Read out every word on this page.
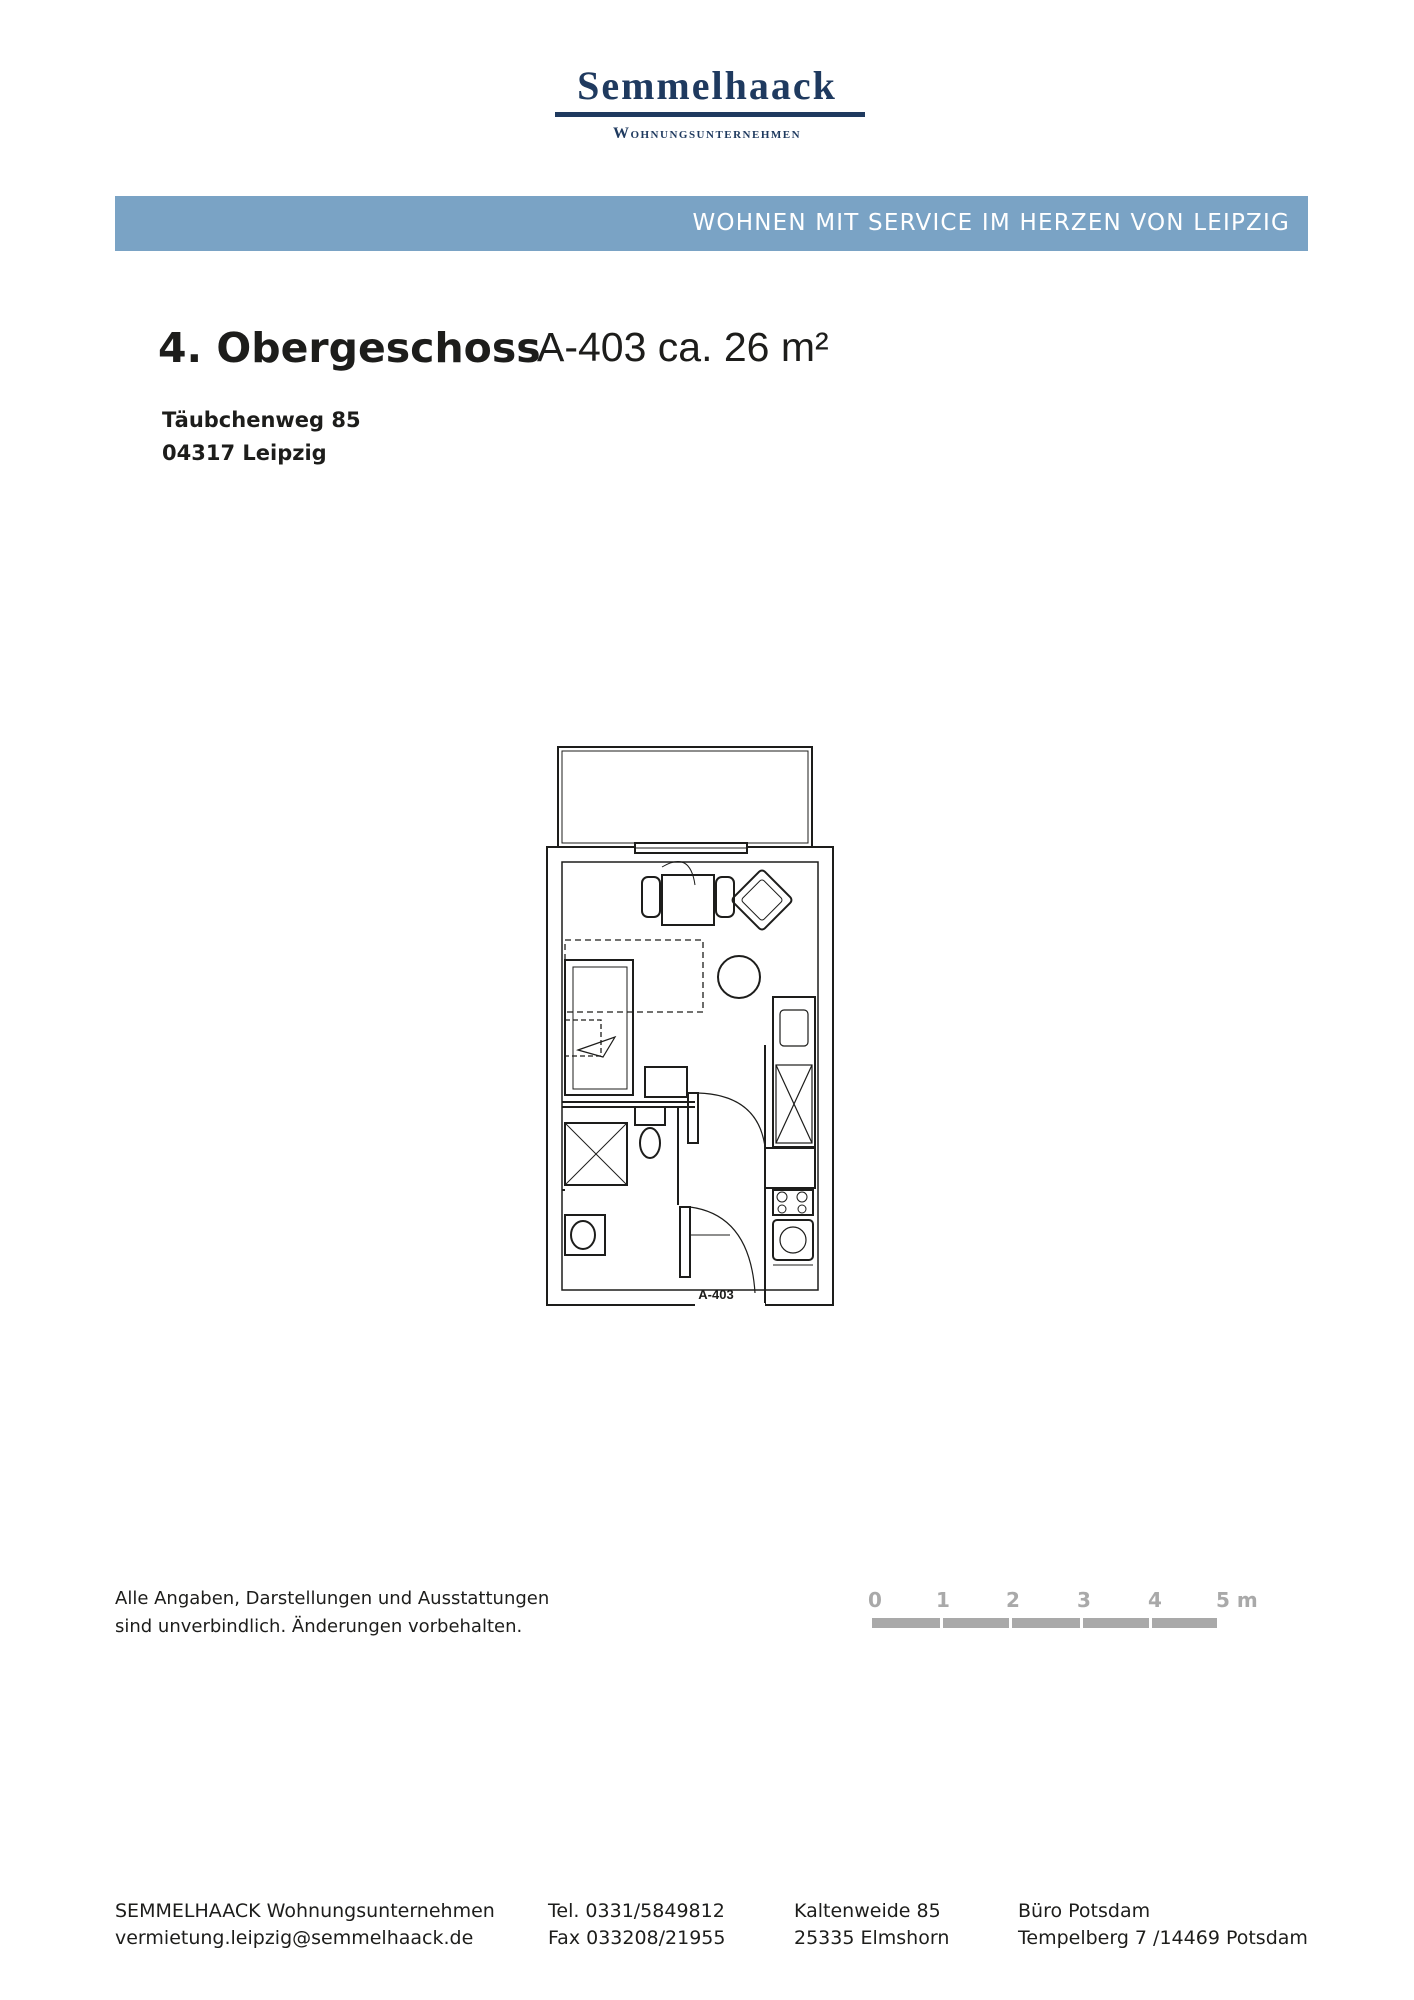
Semmelhaack
Wohnungsunternehmen
WOHNEN MIT SERVICE IM HERZEN VON LEIPZIG
4. Obergeschoss
A-403 ca. 26 m²
Täubchenweg 85
04317 Leipzig
A-403
Alle Angaben, Darstellungen und Ausstattungen
sind unverbindlich. Änderungen vorbehalten.
0	1	2	3	4	5 m
SEMMELHAACK Wohnungsunternehmen
vermietung.leipzig@semmelhaack.de
Tel. 0331/5849812
Fax 033208/21955
Kaltenweide 85
25335 Elmshorn
Büro Potsdam
Tempelberg 7 /14469 Potsdam
